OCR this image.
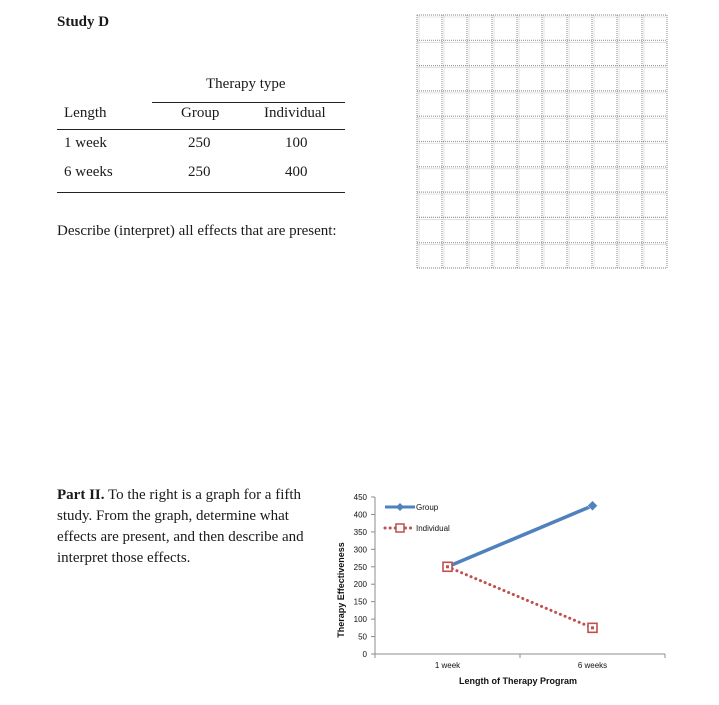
Study D
Therapy type
Length	Group	Individual
1 week	250	100
6 weeks	250	400
Describe (interpret) all effects that are present:
Part II. To the right is a graph for a fifth study. From the graph, determine what effects are present, and then describe and interpret those effects.	Therapy Effectiveness
Length of Therapy Program
0
50
100
150
200
250
300
350
400
450
1 week	6 weeks
Group
Individual
